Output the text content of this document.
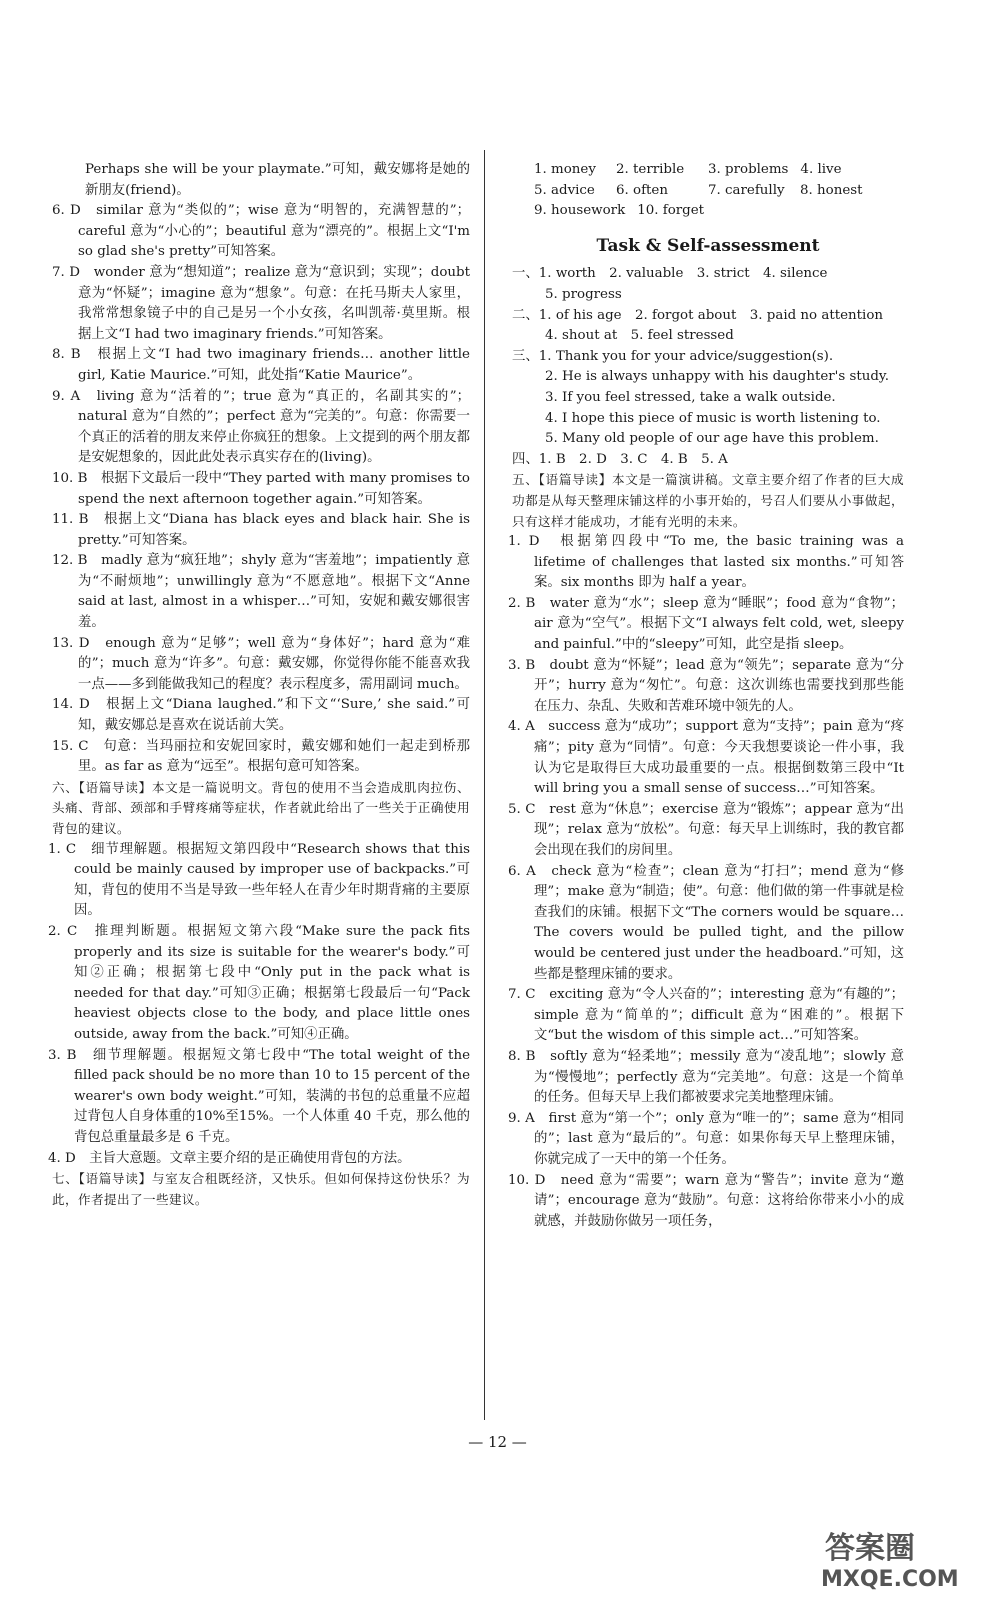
Perhaps she will be your playmate.”可知，戴安娜将是她的新朋友(friend)。

6. D　similar 意为“类似的”；wise 意为“明智的，充满智慧的”；careful 意为“小心的”；beautiful 意为“漂亮的”。根据上文“I'm so glad she's pretty”可知答案。

7. D　wonder 意为“想知道”；realize 意为“意识到；实现”；doubt 意为“怀疑”；imagine 意为“想象”。句意：在托马斯夫人家里，我常常想象镜子中的自己是另一个小女孩，名叫凯蒂·莫里斯。根据上文“I had two imaginary friends.”可知答案。

8. B　根据上文“I had two imaginary friends… another little girl, Katie Maurice.”可知，此处指“Katie Maurice”。

9. A　living 意为“活着的”；true 意为“真正的，名副其实的”；natural 意为“自然的”；perfect 意为“完美的”。句意：你需要一个真正的活着的朋友来停止你疯狂的想象。上文提到的两个朋友都是安妮想象的，因此此处表示真实存在的(living)。

10. B　根据下文最后一段中“They parted with many promises to spend the next afternoon together again.”可知答案。

11. B　根据上文“Diana has black eyes and black hair. She is pretty.”可知答案。

12. B　madly 意为“疯狂地”；shyly 意为“害羞地”；impatiently 意为“不耐烦地”；unwillingly 意为“不愿意地”。根据下文“Anne said at last, almost in a whisper…”可知，安妮和戴安娜很害羞。

13. D　enough 意为“足够”；well 意为“身体好”；hard 意为“难的”；much 意为“许多”。句意：戴安娜，你觉得你能不能喜欢我一点——多到能做我知己的程度？表示程度多，需用副词 much。

14. D　根据上文“Diana laughed.”和下文“‘Sure,’ she said.”可知，戴安娜总是喜欢在说话前大笑。

15. C　句意：当玛丽拉和安妮回家时，戴安娜和她们一起走到桥那里。as far as 意为“远至”。根据句意可知答案。

六、【语篇导读】本文是一篇说明文。背包的使用不当会造成肌肉拉伤、头痛、背部、颈部和手臂疼痛等症状，作者就此给出了一些关于正确使用背包的建议。

1. C　细节理解题。根据短文第四段中“Research shows that this could be mainly caused by improper use of backpacks.”可知，背包的使用不当是导致一些年轻人在青少年时期背痛的主要原因。

2. C　推理判断题。根据短文第六段“Make sure the pack fits properly and its size is suitable for the wearer's body.”可知②正确；根据第七段中“Only put in the pack what is needed for that day.”可知③正确；根据第七段最后一句“Pack heaviest objects close to the body, and place little ones outside, away from the back.”可知④正确。

3. B　细节理解题。根据短文第七段中“The total weight of the filled pack should be no more than 10 to 15 percent of the wearer's own body weight.”可知，装满的书包的总重量不应超过背包人自身体重的10%至15%。一个人体重 40 千克，那么他的背包总重量最多是 6 千克。

4. D　主旨大意题。文章主要介绍的是正确使用背包的方法。

七、【语篇导读】与室友合租既经济，又快乐。但如何保持这份快乐？为此，作者提出了一些建议。

1. money	2. terrible	3. problems 4. live
5. advice	6. often	7. carefully 8. honest
9. housework 10. forget
Task & Self-assessment

一、1. worth　2. valuable　3. strict　4. silence

5. progress

二、1. of his age　2. forgot about　3. paid no attention

4. shout at　5. feel stressed

三、1. Thank you for your advice/suggestion(s).

2. He is always unhappy with his daughter's study.

3. If you feel stressed, take a walk outside.

4. I hope this piece of music is worth listening to.

5. Many old people of our age have this problem.

四、1. B　2. D　3. C　4. B　5. A

五、【语篇导读】本文是一篇演讲稿。文章主要介绍了作者的巨大成功都是从每天整理床铺这样的小事开始的，号召人们要从小事做起，只有这样才能成功，才能有光明的未来。

1. D　根据第四段中“To me, the basic training was a lifetime of challenges that lasted six months.”可知答案。six months 即为 half a year。

2. B　water 意为“水”；sleep 意为“睡眠”；food 意为“食物”；air 意为“空气”。根据下文“I always felt cold, wet, sleepy and painful.”中的“sleepy”可知，此空是指 sleep。

3. B　doubt 意为“怀疑”；lead 意为“领先”；separate 意为“分开”；hurry 意为“匆忙”。句意：这次训练也需要找到那些能在压力、杂乱、失败和苦难环境中领先的人。

4. A　success 意为“成功”；support 意为“支持”；pain 意为“疼痛”；pity 意为“同情”。句意：今天我想要谈论一件小事，我认为它是取得巨大成功最重要的一点。根据倒数第三段中“It will bring you a small sense of success…”可知答案。

5. C　rest 意为“休息”；exercise 意为“锻炼”；appear 意为“出现”；relax 意为“放松”。句意：每天早上训练时，我的教官都会出现在我们的房间里。

6. A　check 意为“检查”；clean 意为“打扫”；mend 意为“修理”；make 意为“制造；使”。句意：他们做的第一件事就是检查我们的床铺。根据下文“The corners would be square… The covers would be pulled tight, and the pillow would be centered just under the headboard.”可知，这些都是整理床铺的要求。

7. C　exciting 意为“令人兴奋的”；interesting 意为“有趣的”；simple 意为“简单的”；difficult 意为“困难的”。根据下文“but the wisdom of this simple act…”可知答案。

8. B　softly 意为“轻柔地”；messily 意为“凌乱地”；slowly 意为“慢慢地”；perfectly 意为“完美地”。句意：这是一个简单的任务。但每天早上我们都被要求完美地整理床铺。

9. A　first 意为“第一个”；only 意为“唯一的”；same 意为“相同的”；last 意为“最后的”。句意：如果你每天早上整理床铺，你就完成了一天中的第一个任务。

10. D　need 意为“需要”；warn 意为“警告”；invite 意为“邀请”；encourage 意为“鼓励”。句意：这将给你带来小小的成就感，并鼓励你做另一项任务，

— 12 —
答案圈
MXQE.COM
